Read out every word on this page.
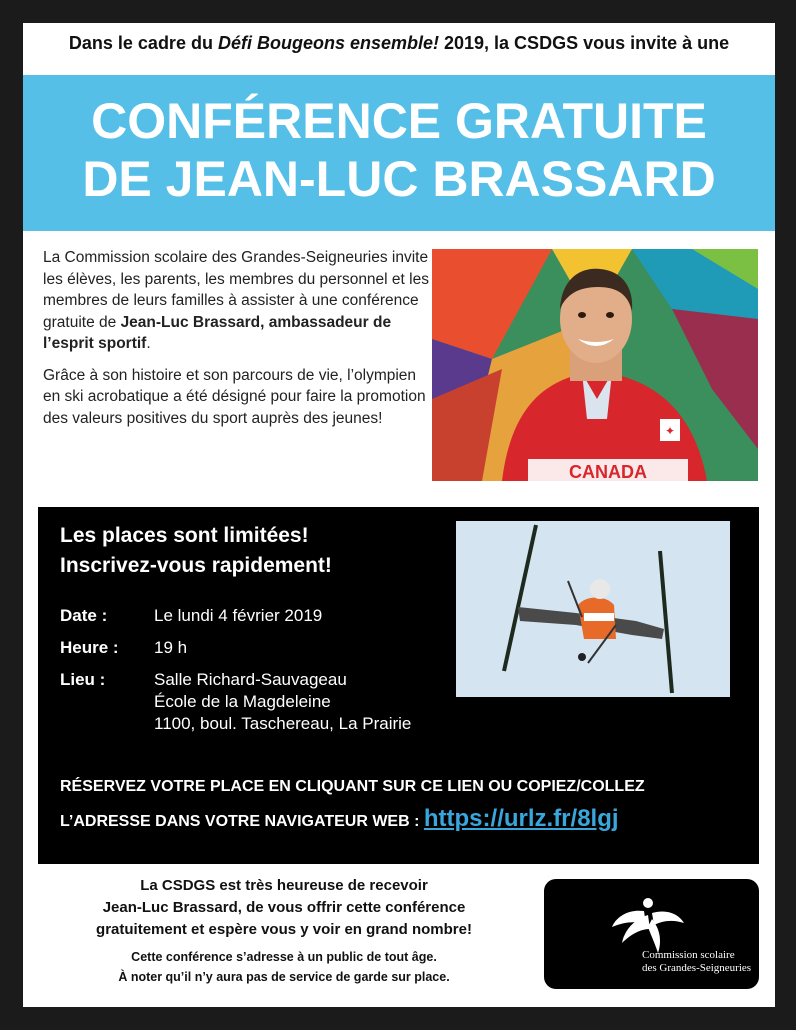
Dans le cadre du Défi Bougeons ensemble! 2019, la CSDGS vous invite à une
CONFÉRENCE GRATUITE
DE JEAN-LUC BRASSARD

La Commission scolaire des Grandes-Seigneuries invite les élèves, les parents, les membres du personnel et les membres de leurs familles à assister à une conférence gratuite de Jean-Luc Brassard, ambassadeur de l’esprit sportif.

Grâce à son histoire et son parcours de vie, l’olympien en ski acrobatique a été désigné pour faire la promotion des valeurs positives du sport auprès des jeunes!

CANADA
✦
Les places sont limitées!
Inscrivez-vous rapidement!
Date :	Le lundi 4 février 2019
Heure :	19 h
Lieu :	Salle Richard-Sauvageau
École de la Magdeleine
1100, boul. Taschereau, La Prairie
RÉSERVEZ VOTRE PLACE EN CLIQUANT SUR CE LIEN OU COPIEZ/COLLEZ
L’ADRESSE DANS VOTRE NAVIGATEUR WEB : https://urlz.fr/8lgj
La CSDGS est très heureuse de recevoir
Jean-Luc Brassard, de vous offrir cette conférence
gratuitement et espère vous y voir en grand nombre!
Cette conférence s’adresse à un public de tout âge.
À noter qu’il n’y aura pas de service de garde sur place.
Commission scolaire
des Grandes-Seigneuries
